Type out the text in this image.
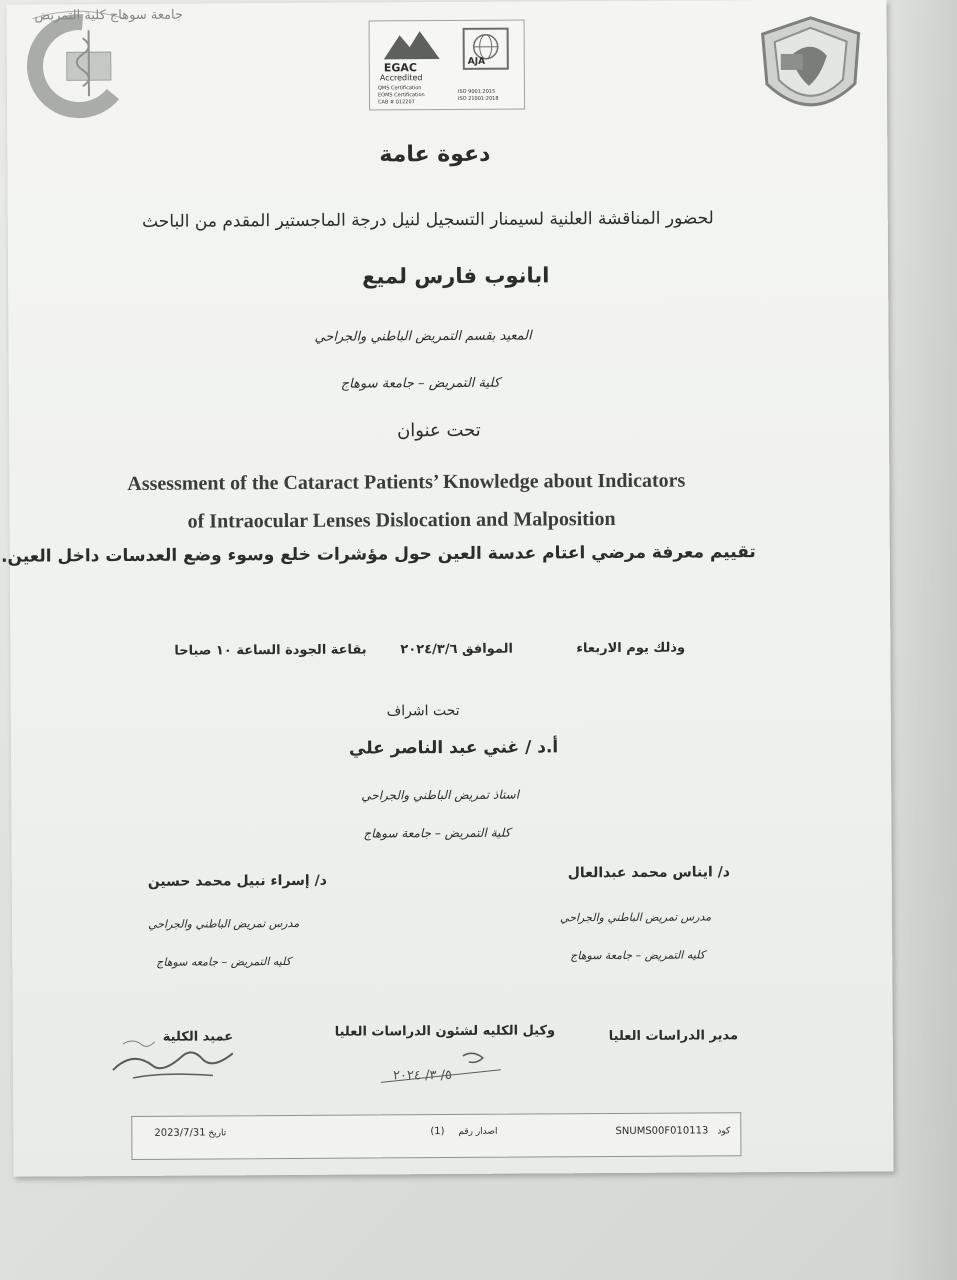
جامعة سوهاج كلية التمريض
EGAC
Accredited
QMS Certification
EOMS Certification
CAB # 012207
AJA
ISO 9001:2015
ISO 21001:2018
دعوة عامة
لحضور المناقشة العلنية لسيمنار التسجيل لنيل درجة الماجستير المقدم من الباحث
ابانوب فارس لميع
المعيد بقسم التمريض الباطني والجراحي
كلية التمريض – جامعة سوهاج
تحت عنوان
Assessment of the Cataract Patients’ Knowledge about Indicators
of Intraocular Lenses Dislocation and Malposition
تقييم معرفة مرضي اعتام عدسة العين حول مؤشرات خلع وسوء وضع العدسات داخل العين.
وذلك يوم الاربعاء
الموافق ٢٠٢٤/٣/٦
بقاعة الجودة الساعة ١٠ صباحا
تحت اشراف
أ.د / غني عبد الناصر علي
استاذ تمريض الباطني والجراحي
كلية التمريض – جامعة سوهاج
د/ ايناس محمد عبدالعال
مدرس تمريض الباطني والجراحي
كليه التمريض – جامعة سوهاج
د/ إسراء نبيل محمد حسين
مدرس تمريض الباطني والجراحي
كليه التمريض – جامعه سوهاج
مدير الدراسات العليا
وكيل الكليه لشئون الدراسات العليا
عميد الكلية
٥/ ٣/ ٢٠٢٤
كود
SNUMS00F010113
اصدار رقم
(1)
تاريخ
2023/7/31
